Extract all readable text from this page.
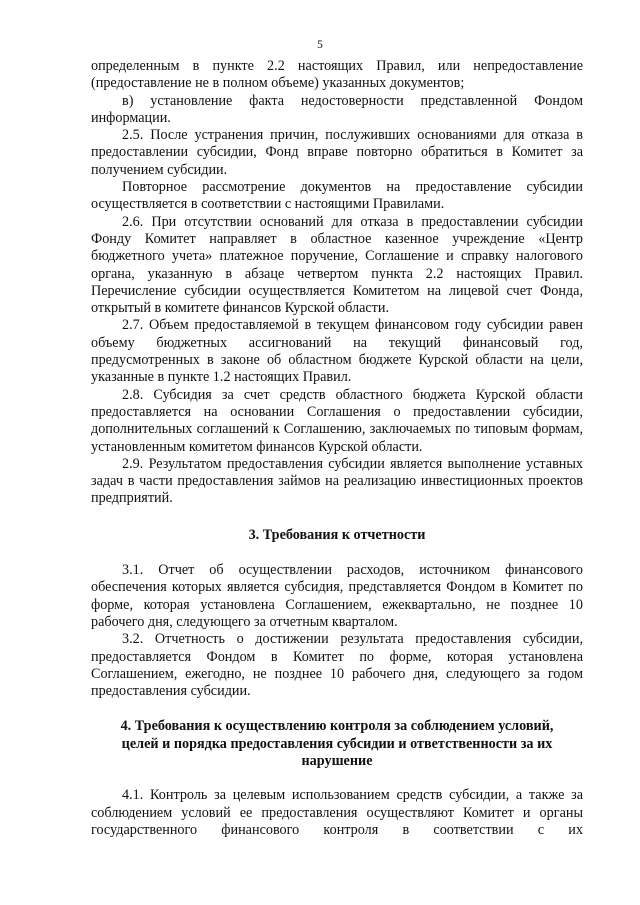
5

определенным в пункте 2.2 настоящих Правил, или непредоставление (предоставление не в полном объеме) указанных документов;

в) установление факта недостоверности представленной Фондом информации.

2.5. После устранения причин, послуживших основаниями для отказа в предоставлении субсидии, Фонд вправе повторно обратиться в Комитет за получением субсидии.

Повторное рассмотрение документов на предоставление субсидии осуществляется в соответствии с настоящими Правилами.

2.6. При отсутствии оснований для отказа в предоставлении субсидии Фонду Комитет направляет в областное казенное учреждение «Центр бюджетного учета» платежное поручение, Соглашение и справку налогового органа, указанную в абзаце четвертом пункта 2.2 настоящих Правил. Перечисление субсидии осуществляется Комитетом на лицевой счет Фонда, открытый в комитете финансов Курской области.

2.7. Объем предоставляемой в текущем финансовом году субсидии равен объему бюджетных ассигнований на текущий финансовый год, предусмотренных в законе об областном бюджете Курской области на цели, указанные в пункте 1.2 настоящих Правил.

2.8. Субсидия за счет средств областного бюджета Курской области предоставляется на основании Соглашения о предоставлении субсидии, дополнительных соглашений к Соглашению, заключаемых по типовым формам, установленным комитетом финансов Курской области.

2.9. Результатом предоставления субсидии является выполнение уставных задач в части предоставления займов на реализацию инвестиционных проектов предприятий.

3. Требования к отчетности

3.1. Отчет об осуществлении расходов, источником финансового обеспечения которых является субсидия, представляется Фондом в Комитет по форме, которая установлена Соглашением, ежеквартально, не позднее 10 рабочего дня, следующего за отчетным кварталом.

3.2. Отчетность о достижении результата предоставления субсидии, предоставляется Фондом в Комитет по форме, которая установлена Соглашением, ежегодно, не позднее 10 рабочего дня, следующего за годом предоставления субсидии.

4. Требования к осуществлению контроля за соблюдением условий,

целей и порядка предоставления субсидии и ответственности за их

нарушение

4.1. Контроль за целевым использованием средств субсидии, а также за соблюдением условий ее предоставления осуществляют Комитет и органы государственного финансового контроля в соответствии с их
